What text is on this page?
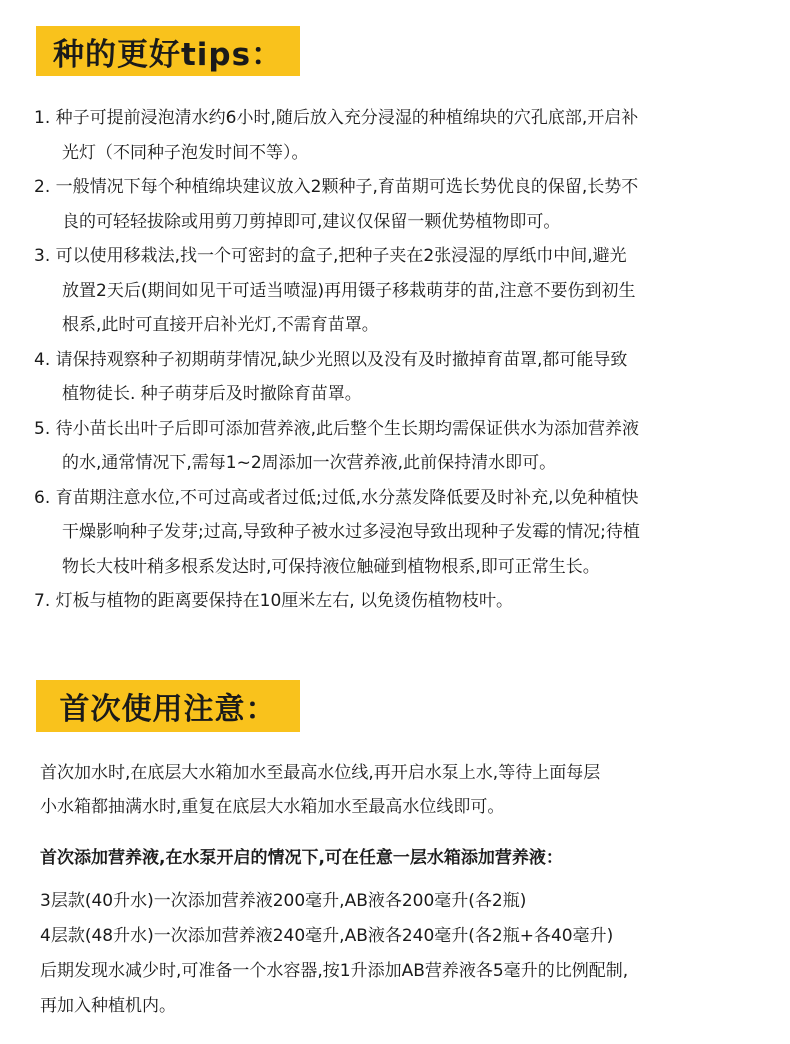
种的更好tips：
1. 种子可提前浸泡清水约6小时,随后放入充分浸湿的种植绵块的穴孔底部,开启补
光灯（不同种子泡发时间不等）。
2. 一般情况下每个种植绵块建议放入2颗种子,育苗期可选长势优良的保留,长势不
良的可轻轻拔除或用剪刀剪掉即可,建议仅保留一颗优势植物即可。
3. 可以使用移栽法,找一个可密封的盒子,把种子夹在2张浸湿的厚纸巾中间,避光
放置2天后(期间如见干可适当喷湿)再用镊子移栽萌芽的苗,注意不要伤到初生
根系,此时可直接开启补光灯,不需育苗罩。
4. 请保持观察种子初期萌芽情况,缺少光照以及没有及时撤掉育苗罩,都可能导致
植物徒长. 种子萌芽后及时撤除育苗罩。
5. 待小苗长出叶子后即可添加营养液,此后整个生长期均需保证供水为添加营养液
的水,通常情况下,需每1~2周添加一次营养液,此前保持清水即可。
6. 育苗期注意水位,不可过高或者过低;过低,水分蒸发降低要及时补充,以免种植快
干燥影响种子发芽;过高,导致种子被水过多浸泡导致出现种子发霉的情况;待植
物长大枝叶稍多根系发达时,可保持液位触碰到植物根系,即可正常生长。
7. 灯板与植物的距离要保持在10厘米左右, 以免烫伤植物枝叶。
首次使用注意：
首次加水时,在底层大水箱加水至最高水位线,再开启水泵上水,等待上面每层
小水箱都抽满水时,重复在底层大水箱加水至最高水位线即可。
首次添加营养液,在水泵开启的情况下,可在任意一层水箱添加营养液：
3层款(40升水)一次添加营养液200毫升,AB液各200毫升(各2瓶)
4层款(48升水)一次添加营养液240毫升,AB液各240毫升(各2瓶+各40毫升)
后期发现水减少时,可准备一个水容器,按1升添加AB营养液各5毫升的比例配制,
再加入种植机内。
